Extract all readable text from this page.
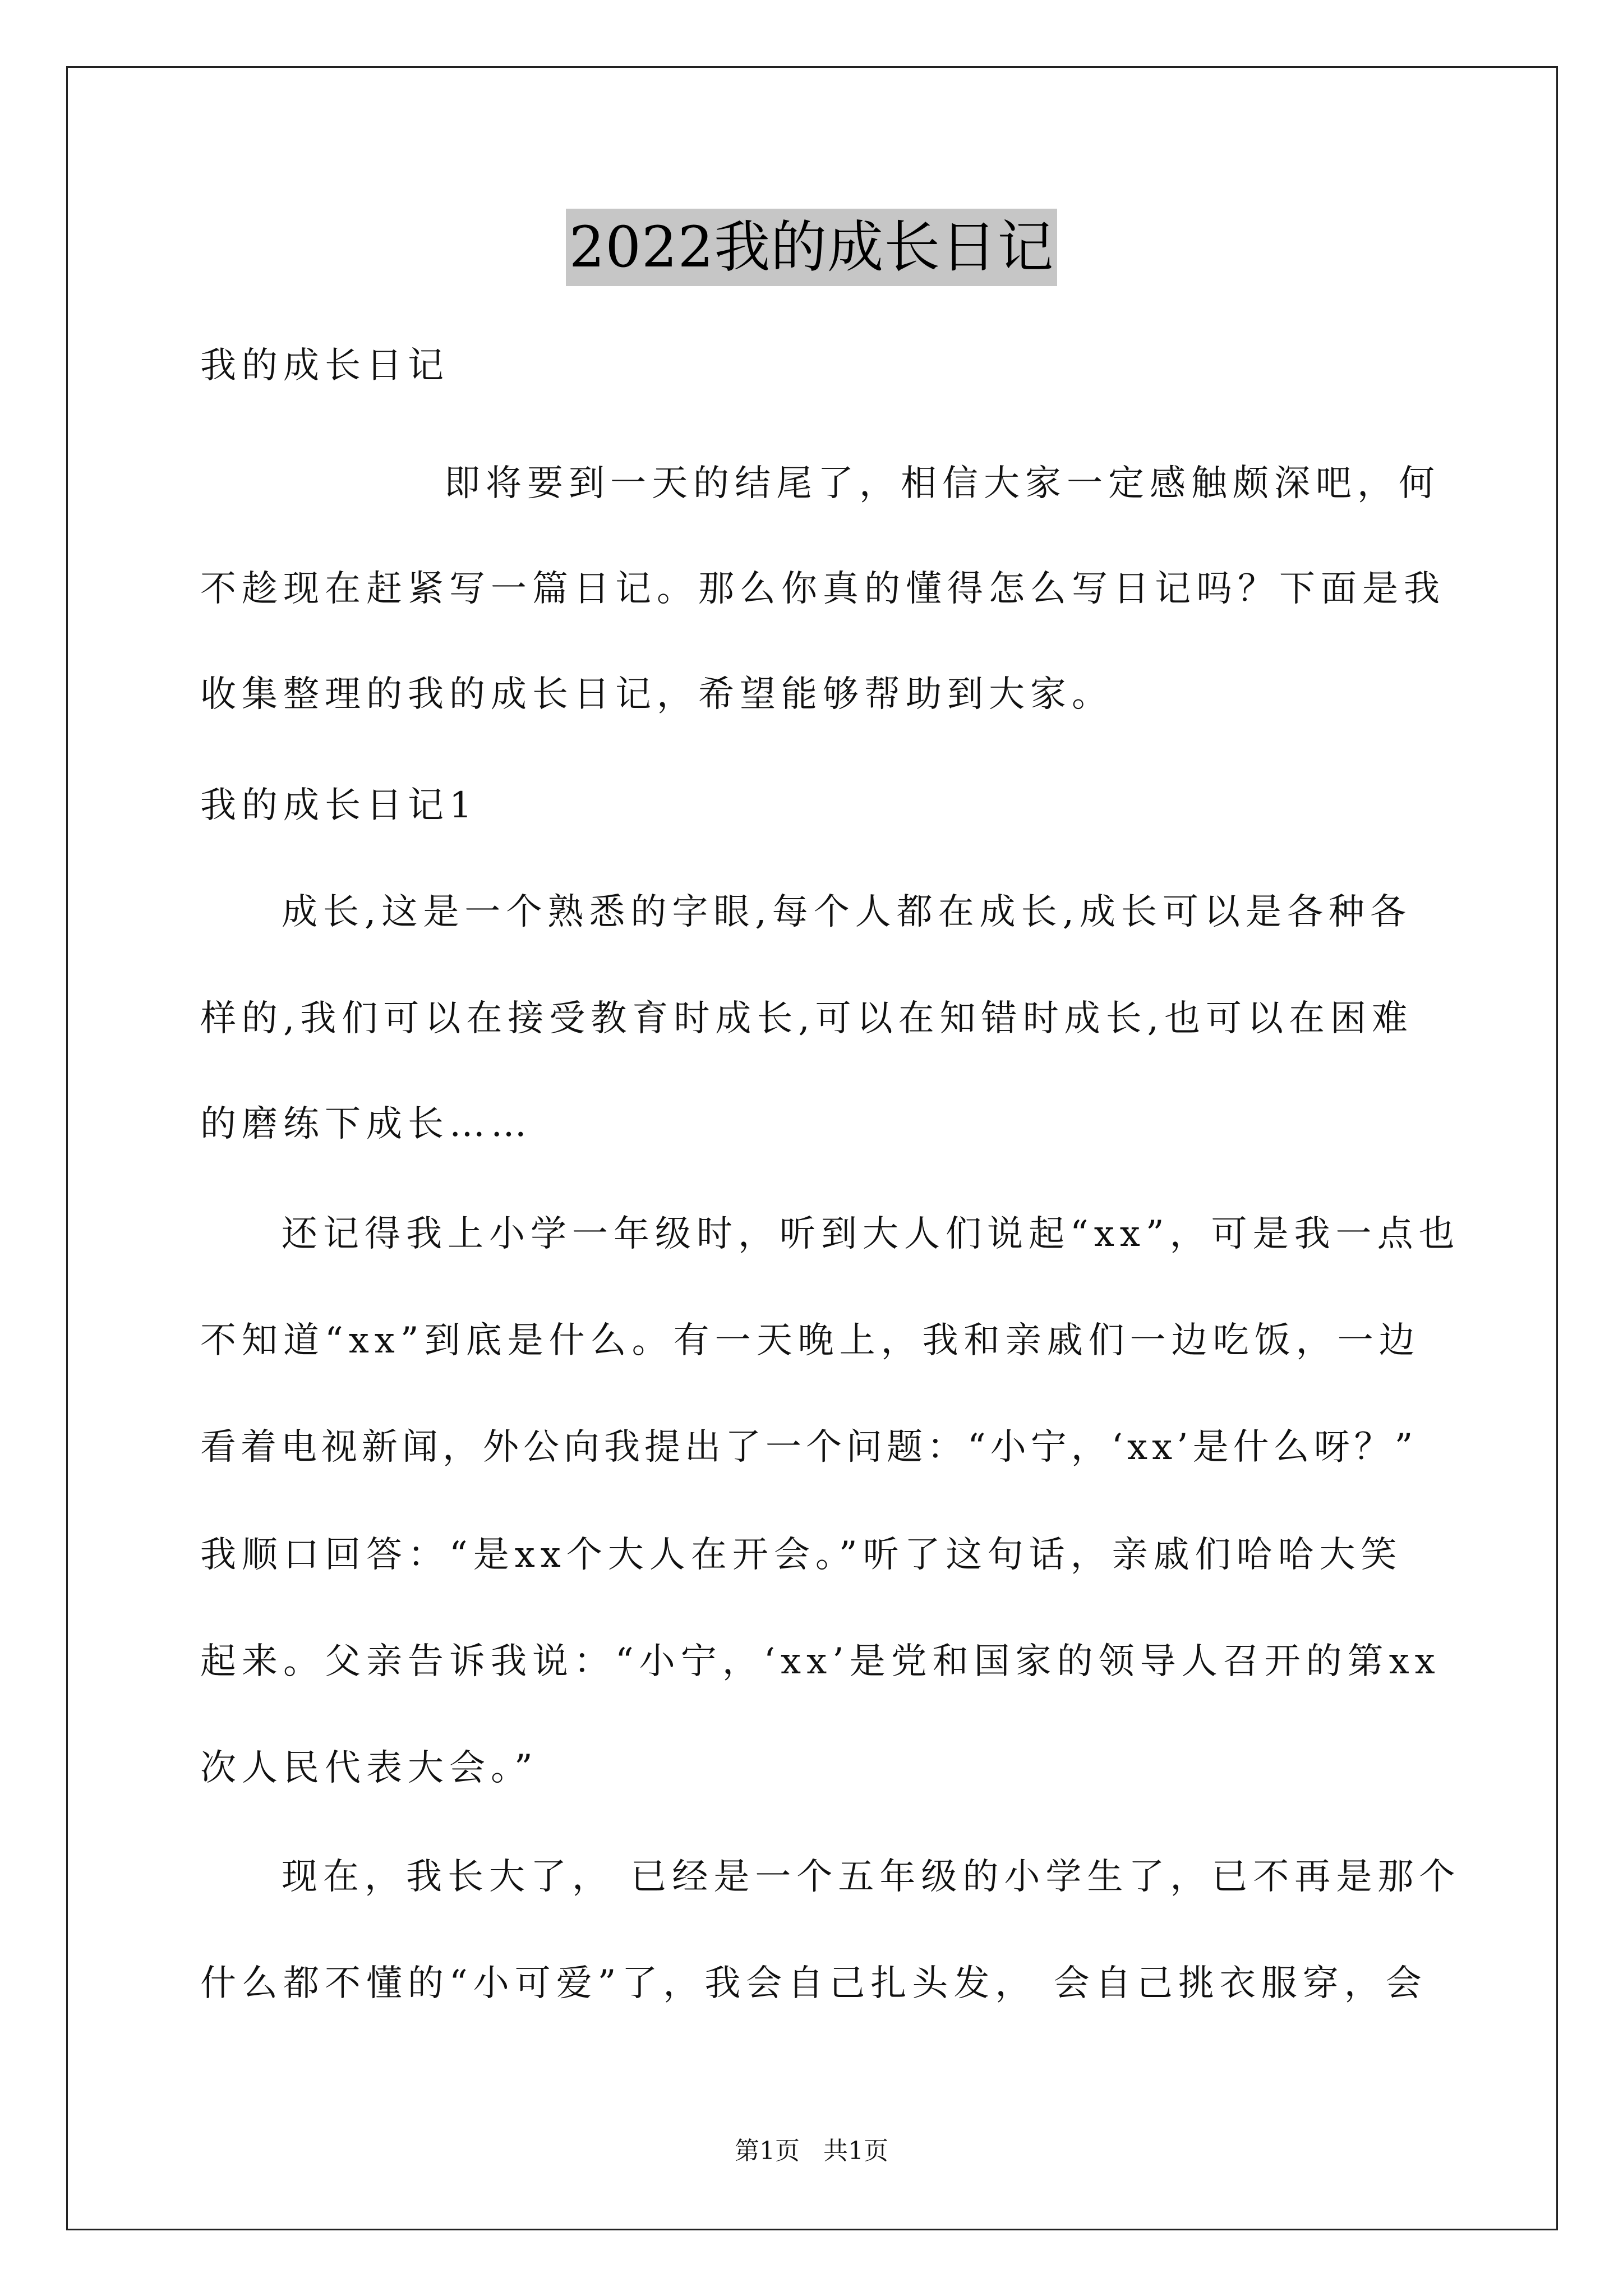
2022我的成长日记
我的成长日记
即将要到一天的结尾了，相信大家一定感触颇深吧，何
不趁现在赶紧写一篇日记。那么你真的懂得怎么写日记吗？下面是我
收集整理的我的成长日记，希望能够帮助到大家。
我的成长日记1
成长,这是一个熟悉的字眼,每个人都在成长,成长可以是各种各
样的,我们可以在接受教育时成长,可以在知错时成长,也可以在困难
的磨练下成长……
还记得我上小学一年级时，听到大人们说起“xx”，可是我一点也
不知道“xx”到底是什么。有一天晚上，我和亲戚们一边吃饭，一边
看着电视新闻，外公向我提出了一个问题：“小宁，‘xx’是什么呀？”
我顺口回答：“是xx个大人在开会。”听了这句话，亲戚们哈哈大笑
起来。父亲告诉我说：“小宁，‘xx’是党和国家的领导人召开的第xx
次人民代表大会。”
现在，我长大了， 已经是一个五年级的小学生了，已不再是那个
什么都不懂的“小可爱”了，我会自己扎头发， 会自己挑衣服穿，会
第1页   共1页
